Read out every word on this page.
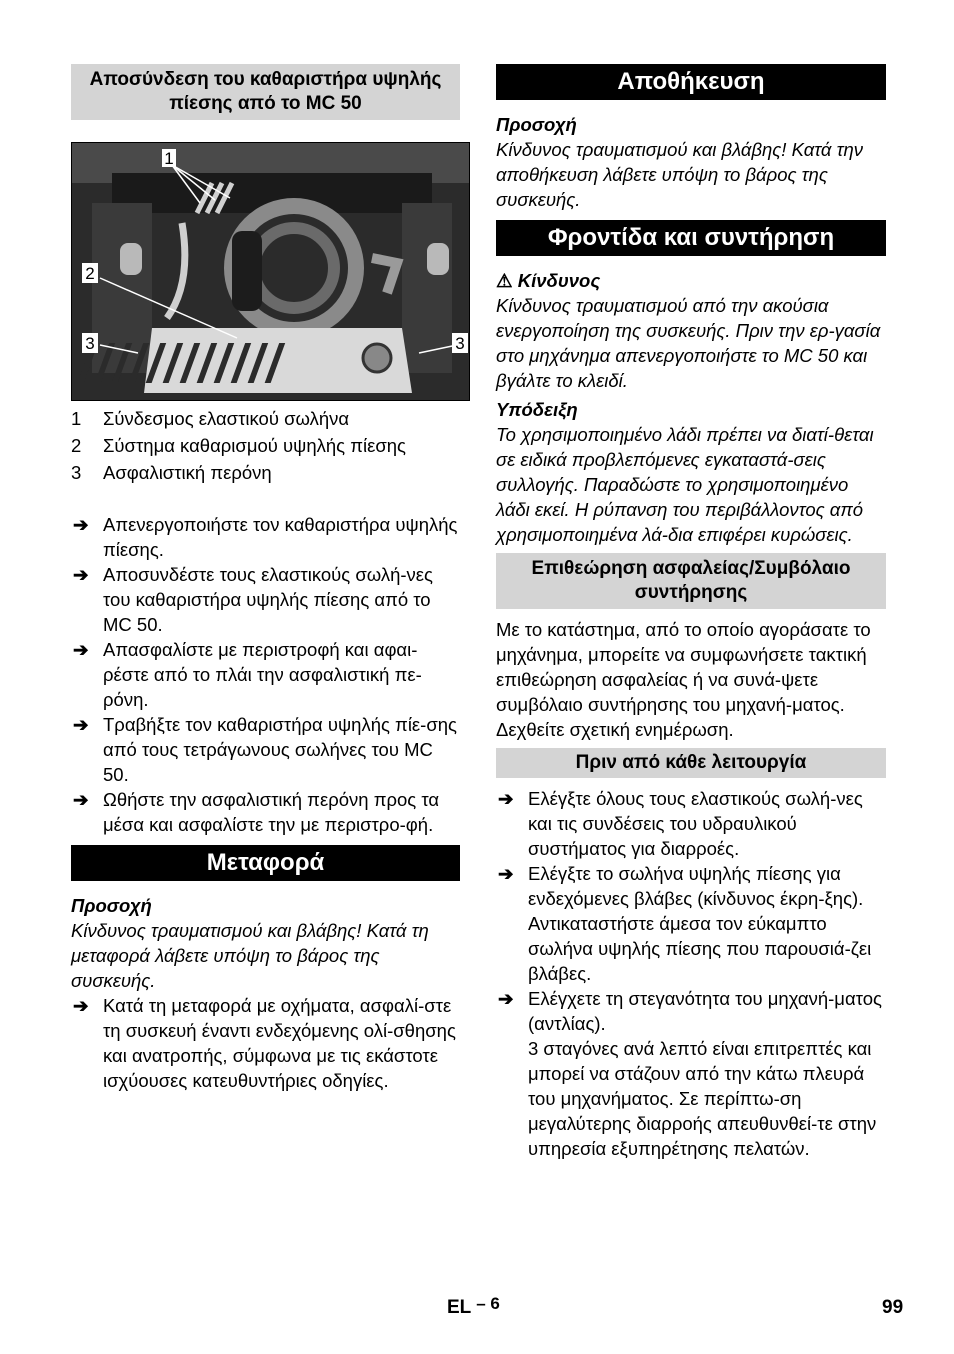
Αποσύνδεση του καθαριστήρα υψηλής πίεσης από το MC 50
1
2
3	3
1	Σύνδεσμος ελαστικού σωλήνα
2	Σύστημα καθαρισμού υψηλής πίεσης
3	Ασφαλιστική περόνη
➔ Απενεργοποιήστε τον καθαριστήρα υψηλής πίεσης.
➔ Αποσυνδέστε τους ελαστικούς σωλή-νες του καθαριστήρα υψηλής πίεσης από το MC 50.
➔ Απασφαλίστε με περιστροφή και αφαι-ρέστε από το πλάι την ασφαλιστική πε-ρόνη.
➔ Τραβήξτε τον καθαριστήρα υψηλής πίε-σης από τους τετράγωνους σωλήνες του MC 50.
➔ Ωθήστε την ασφαλιστική περόνη προς τα μέσα και ασφαλίστε την με περιστρο-φή.
Μεταφορά

Προσοχή

Κίνδυνος τραυματισμού και βλάβης! Κατά τη μεταφορά λάβετε υπόψη το βάρος της συσκευής.

➔ Κατά τη μεταφορά με οχήματα, ασφαλί-στε τη συσκευή έναντι ενδεχόμενης ολί-σθησης και ανατροπής, σύμφωνα με τις εκάστοτε ισχύουσες κατευθυντήριες οδηγίες.
Αποθήκευση

Προσοχή

Κίνδυνος τραυματισμού και βλάβης! Κατά την αποθήκευση λάβετε υπόψη το βάρος της συσκευής.

Φροντίδα και συντήρηση

⚠ Κίνδυνος

Κίνδυνος τραυματισμού από την ακούσια ενεργοποίηση της συσκευής. Πριν την ερ-γασία στο μηχάνημα απενεργοποιήστε το MC 50 και βγάλτε το κλειδί.

Υπόδειξη

Το χρησιμοποιημένο λάδι πρέπει να διατί-θεται σε ειδικά προβλεπόμενες εγκαταστά-σεις συλλογής. Παραδώστε το χρησιμοποιημένο λάδι εκεί. Η ρύπανση του περιβάλλοντος από χρησιμοποιημένα λά-δια επιφέρει κυρώσεις.

Επιθεώρηση ασφαλείας/Συμβόλαιο συντήρησης

Με το κατάστημα, από το οποίο αγοράσατε το μηχάνημα, μπορείτε να συμφωνήσετε τακτική επιθεώρηση ασφαλείας ή να συνά-ψετε συμβόλαιο συντήρησης του μηχανή-ματος. Δεχθείτε σχετική ενημέρωση.

Πριν από κάθε λειτουργία
➔ Ελέγξτε όλους τους ελαστικούς σωλή-νες και τις συνδέσεις του υδραυλικού συστήματος για διαρροές.
➔ Ελέγξτε το σωλήνα υψηλής πίεσης για ενδεχόμενες βλάβες (κίνδυνος έκρη-ξης).

Αντικαταστήστε άμεσα τον εύκαμπτο σωλήνα υψηλής πίεσης που παρουσιά-ζει βλάβες.

➔ Ελέγχετε τη στεγανότητα του μηχανή-ματος (αντλίας).

3 σταγόνες ανά λεπτό είναι επιτρεπτές και μπορεί να στάζουν από την κάτω πλευρά του μηχανήματος. Σε περίπτω-ση μεγαλύτερης διαρροής απευθυνθεί-τε στην υπηρεσία εξυπηρέτησης πελατών.

EL – 6	99
